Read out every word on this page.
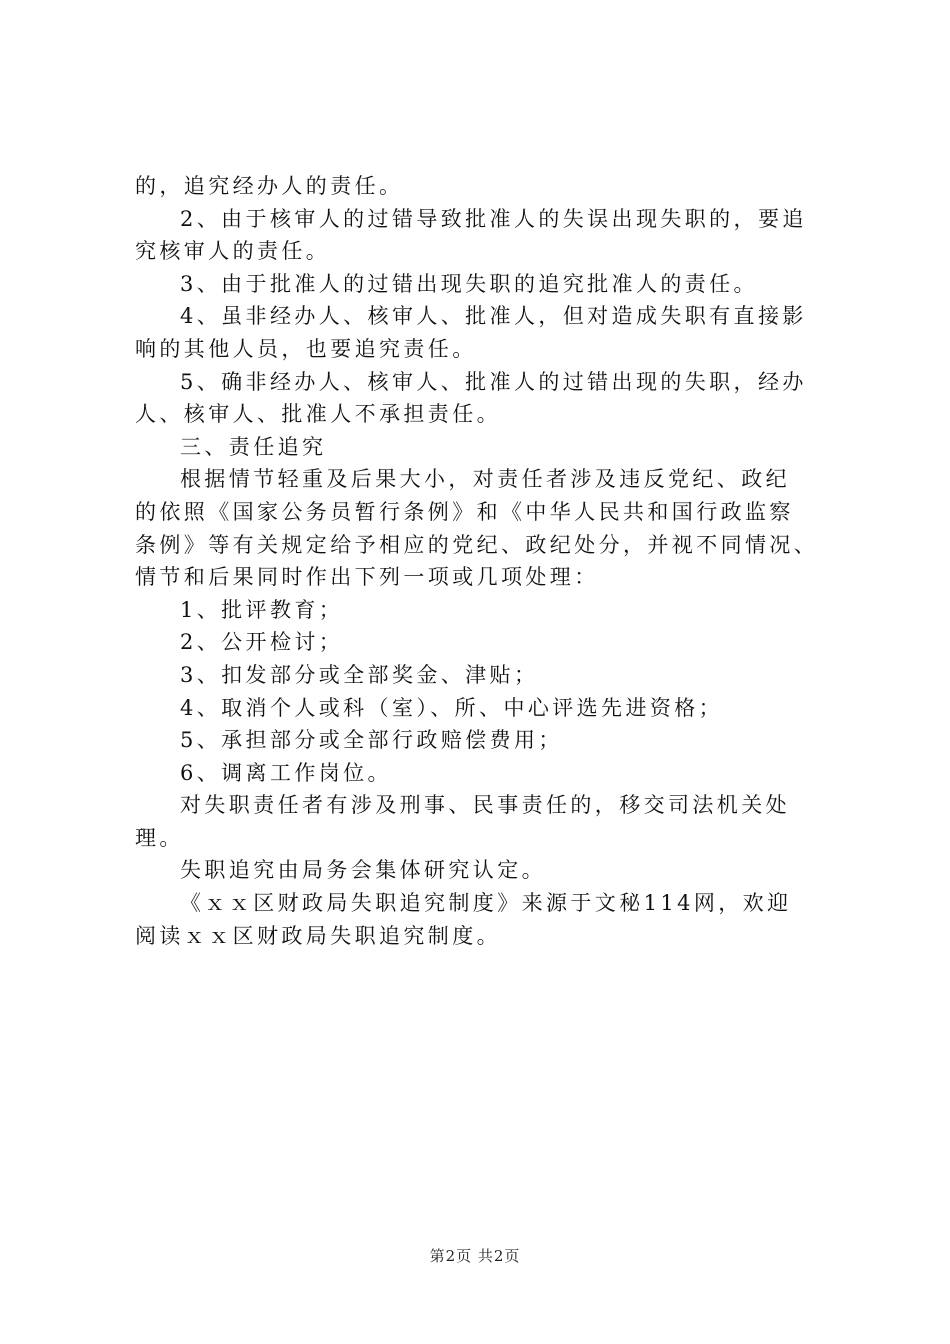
的，追究经办人的责任。
2、由于核审人的过错导致批准人的失误出现失职的，要追
究核审人的责任。
3、由于批准人的过错出现失职的追究批准人的责任。
4、虽非经办人、核审人、批准人，但对造成失职有直接影
响的其他人员，也要追究责任。
5、确非经办人、核审人、批准人的过错出现的失职，经办
人、核审人、批准人不承担责任。
三、责任追究
根据情节轻重及后果大小，对责任者涉及违反党纪、政纪
的依照《国家公务员暂行条例》和《中华人民共和国行政监察
条例》等有关规定给予相应的党纪、政纪处分，并视不同情况、
情节和后果同时作出下列一项或几项处理：
1、批评教育；
2、公开检讨；
3、扣发部分或全部奖金、津贴；
4、取消个人或科（室）、所、中心评选先进资格；
5、承担部分或全部行政赔偿费用；
6、调离工作岗位。
对失职责任者有涉及刑事、民事责任的，移交司法机关处
理。
失职追究由局务会集体研究认定。
《ｘｘ区财政局失职追究制度》来源于文秘114网，欢迎
阅读ｘｘ区财政局失职追究制度。
第2页 共2页
